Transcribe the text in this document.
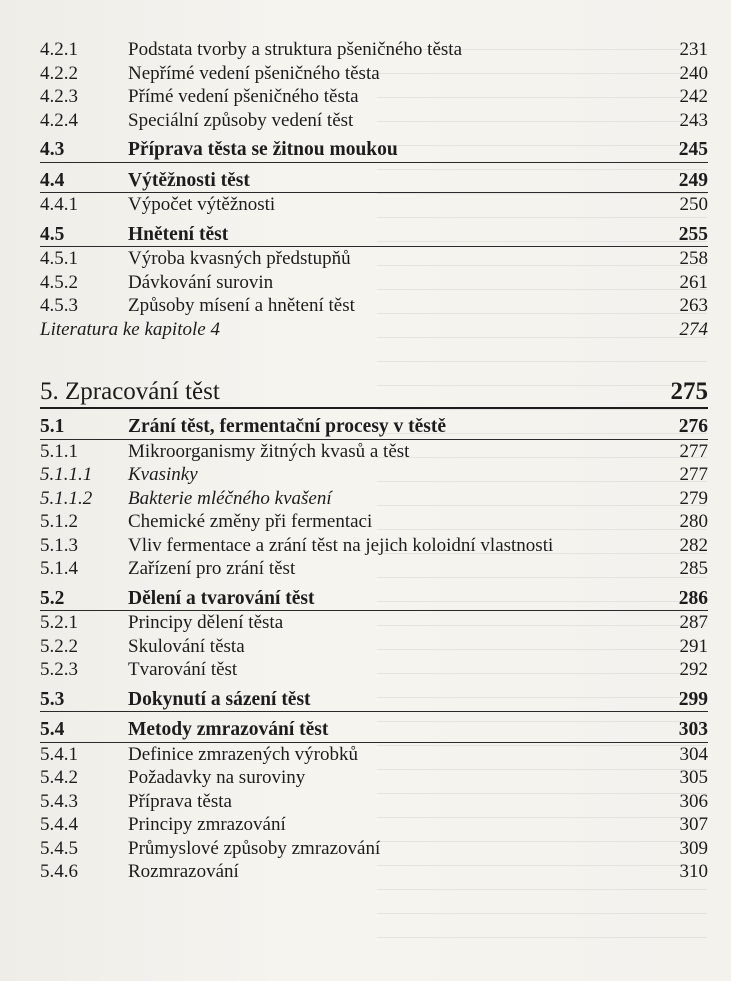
4.2.1	Podstata tvorby a struktura pšeničného těsta	231
4.2.2	Nepřímé vedení pšeničného těsta	240
4.2.3	Přímé vedení pšeničného těsta	242
4.2.4	Speciální způsoby vedení těst	243
4.3	Příprava těsta se žitnou moukou	245
4.4	Výtěžnosti těst	249
4.4.1	Výpočet výtěžnosti	250
4.5	Hnětení těst	255
4.5.1	Výroba kvasných předstupňů	258
4.5.2	Dávkování surovin	261
4.5.3	Způsoby mísení a hnětení těst	263
Literatura ke kapitole 4	274
5. Zpracování těst	275
5.1	Zrání těst, fermentační procesy v těstě	276
5.1.1	Mikroorganismy žitných kvasů a těst	277
5.1.1.1	Kvasinky	277
5.1.1.2	Bakterie mléčného kvašení	279
5.1.2	Chemické změny při fermentaci	280
5.1.3	Vliv fermentace a zrání těst na jejich koloidní vlastnosti	282
5.1.4	Zařízení pro zrání těst	285
5.2	Dělení a tvarování těst	286
5.2.1	Principy dělení těsta	287
5.2.2	Skulování těsta	291
5.2.3	Tvarování těst	292
5.3	Dokynutí a sázení těst	299
5.4	Metody zmrazování těst	303
5.4.1	Definice zmrazených výrobků	304
5.4.2	Požadavky na suroviny	305
5.4.3	Příprava těsta	306
5.4.4	Principy zmrazování	307
5.4.5	Průmyslové způsoby zmrazování	309
5.4.6	Rozmrazování	310
